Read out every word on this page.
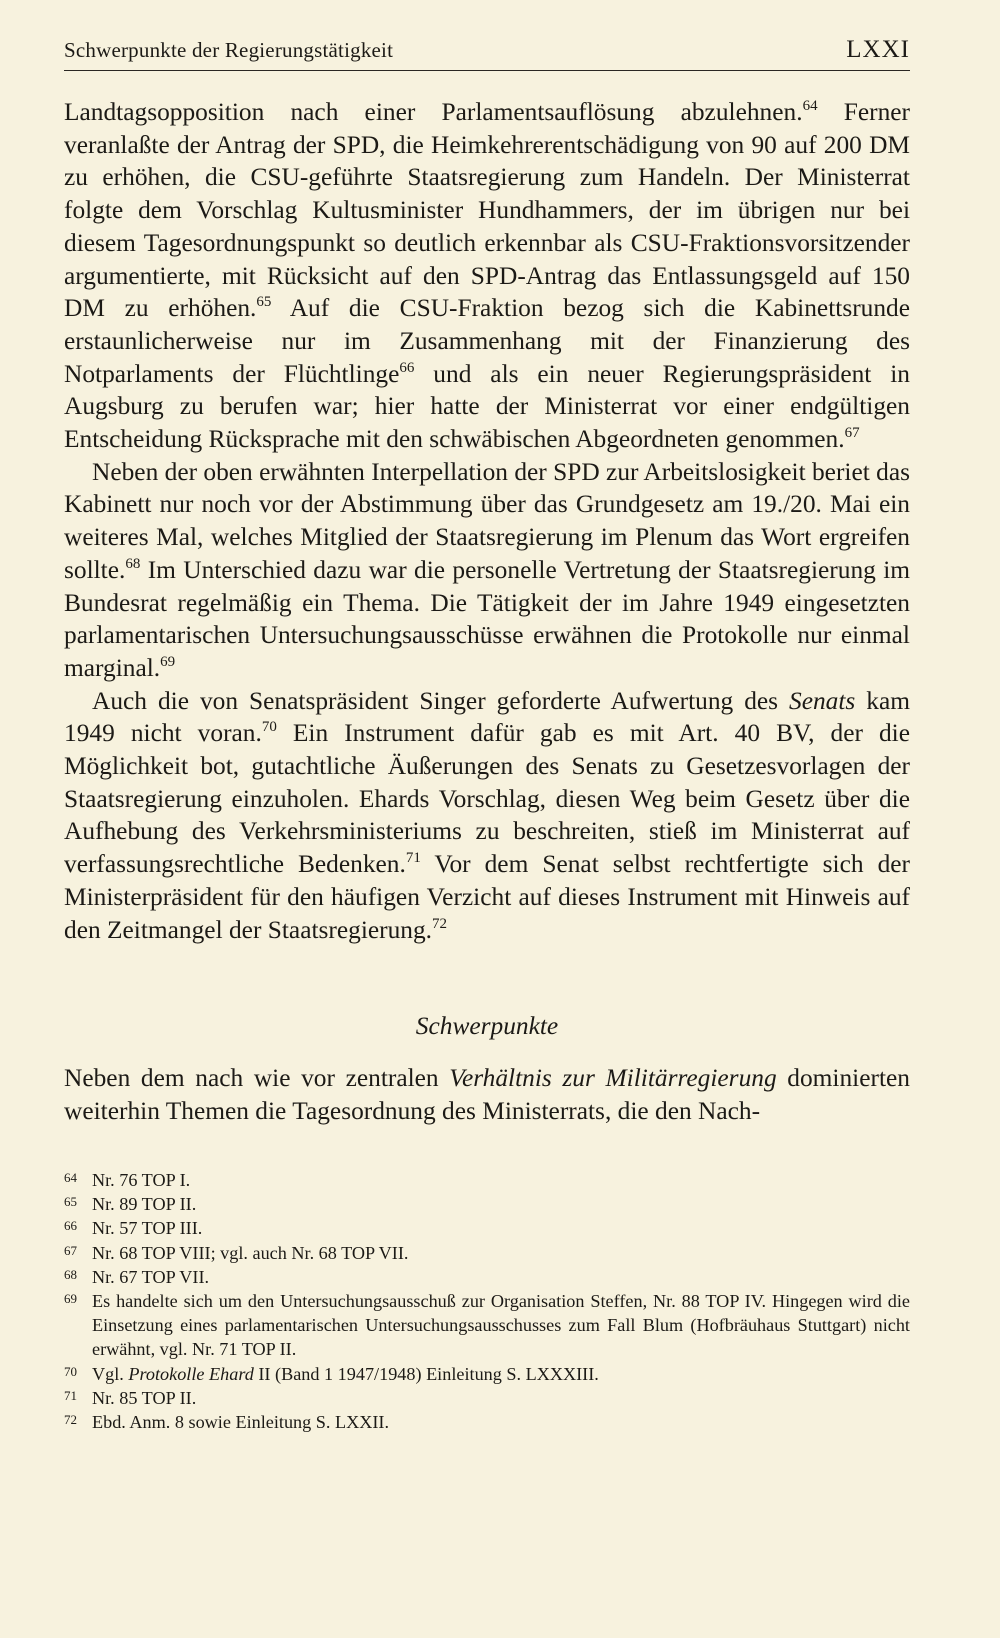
Schwerpunkte der Regierungstätigkeit	LXXI

Landtagsopposition nach einer Parlamentsauflösung abzulehnen.$^{64}$ Ferner veranlaßte der Antrag der SPD, die Heimkehrerentschädigung von 90 auf 200 DM zu erhöhen, die CSU-geführte Staatsregierung zum Handeln. Der Ministerrat folgte dem Vorschlag Kultusminister Hundhammers, der im übrigen nur bei diesem Tagesordnungspunkt so deutlich erkennbar als CSU-Fraktionsvorsitzender argumentierte, mit Rücksicht auf den SPD-Antrag das Entlassungsgeld auf 150 DM zu erhöhen.$^{65}$ Auf die CSU-Fraktion bezog sich die Kabinettsrunde erstaunlicherweise nur im Zusammenhang mit der Finanzierung des Notparlaments der Flüchtlinge$^{66}$ und als ein neuer Regierungspräsident in Augsburg zu berufen war; hier hatte der Ministerrat vor einer endgültigen Entscheidung Rücksprache mit den schwäbischen Abgeordneten genommen.$^{67}$

Neben der oben erwähnten Interpellation der SPD zur Arbeitslosigkeit beriet das Kabinett nur noch vor der Abstimmung über das Grundgesetz am 19./20. Mai ein weiteres Mal, welches Mitglied der Staatsregierung im Plenum das Wort ergreifen sollte.$^{68}$ Im Unterschied dazu war die personelle Vertretung der Staatsregierung im Bundesrat regelmäßig ein Thema. Die Tätigkeit der im Jahre 1949 eingesetzten parlamentarischen Untersuchungsausschüsse erwähnen die Protokolle nur einmal marginal.$^{69}$

Auch die von Senatspräsident Singer geforderte Aufwertung des Senats kam 1949 nicht voran.$^{70}$ Ein Instrument dafür gab es mit Art. 40 BV, der die Möglichkeit bot, gutachtliche Äußerungen des Senats zu Gesetzesvorlagen der Staatsregierung einzuholen. Ehards Vorschlag, diesen Weg beim Gesetz über die Aufhebung des Verkehrsministeriums zu beschreiten, stieß im Ministerrat auf verfassungsrechtliche Bedenken.$^{71}$ Vor dem Senat selbst rechtfertigte sich der Ministerpräsident für den häufigen Verzicht auf dieses Instrument mit Hinweis auf den Zeitmangel der Staatsregierung.$^{72}$

Schwerpunkte

Neben dem nach wie vor zentralen Verhältnis zur Militärregierung dominierten weiterhin Themen die Tagesordnung des Ministerrats, die den Nach-

64 Nr. 76 TOP I.
65 Nr. 89 TOP II.
66 Nr. 57 TOP III.
67 Nr. 68 TOP VIII; vgl. auch Nr. 68 TOP VII.
68 Nr. 67 TOP VII.
69 Es handelte sich um den Untersuchungsausschuß zur Organisation Steffen, Nr. 88 TOP IV. Hingegen wird die Einsetzung eines parlamentarischen Untersuchungsausschusses zum Fall Blum (Hofbräuhaus Stuttgart) nicht erwähnt, vgl. Nr. 71 TOP II.
70 Vgl. Protokolle Ehard II (Band 1 1947/1948) Einleitung S. LXXXIII.
71 Nr. 85 TOP II.
72 Ebd. Anm. 8 sowie Einleitung S. LXXII.
